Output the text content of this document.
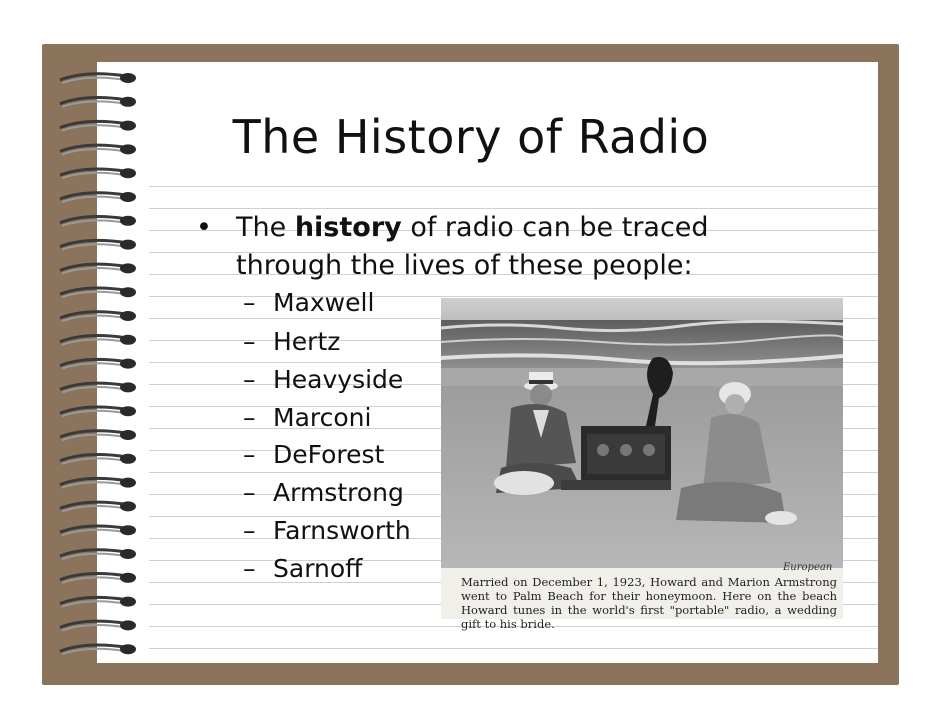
The History of Radio
• The history of radio can be traced
through the lives of these people:
– Maxwell
– Hertz
– Heavyside
– Marconi
– DeForest
– Armstrong
– Farnsworth
– Sarnoff	European
Married on December 1, 1923, Howard and Marion Armstrong went to Palm Beach for their honeymoon. Here on the beach Howard tunes in the world's first "portable" radio, a wedding gift to his bride.
